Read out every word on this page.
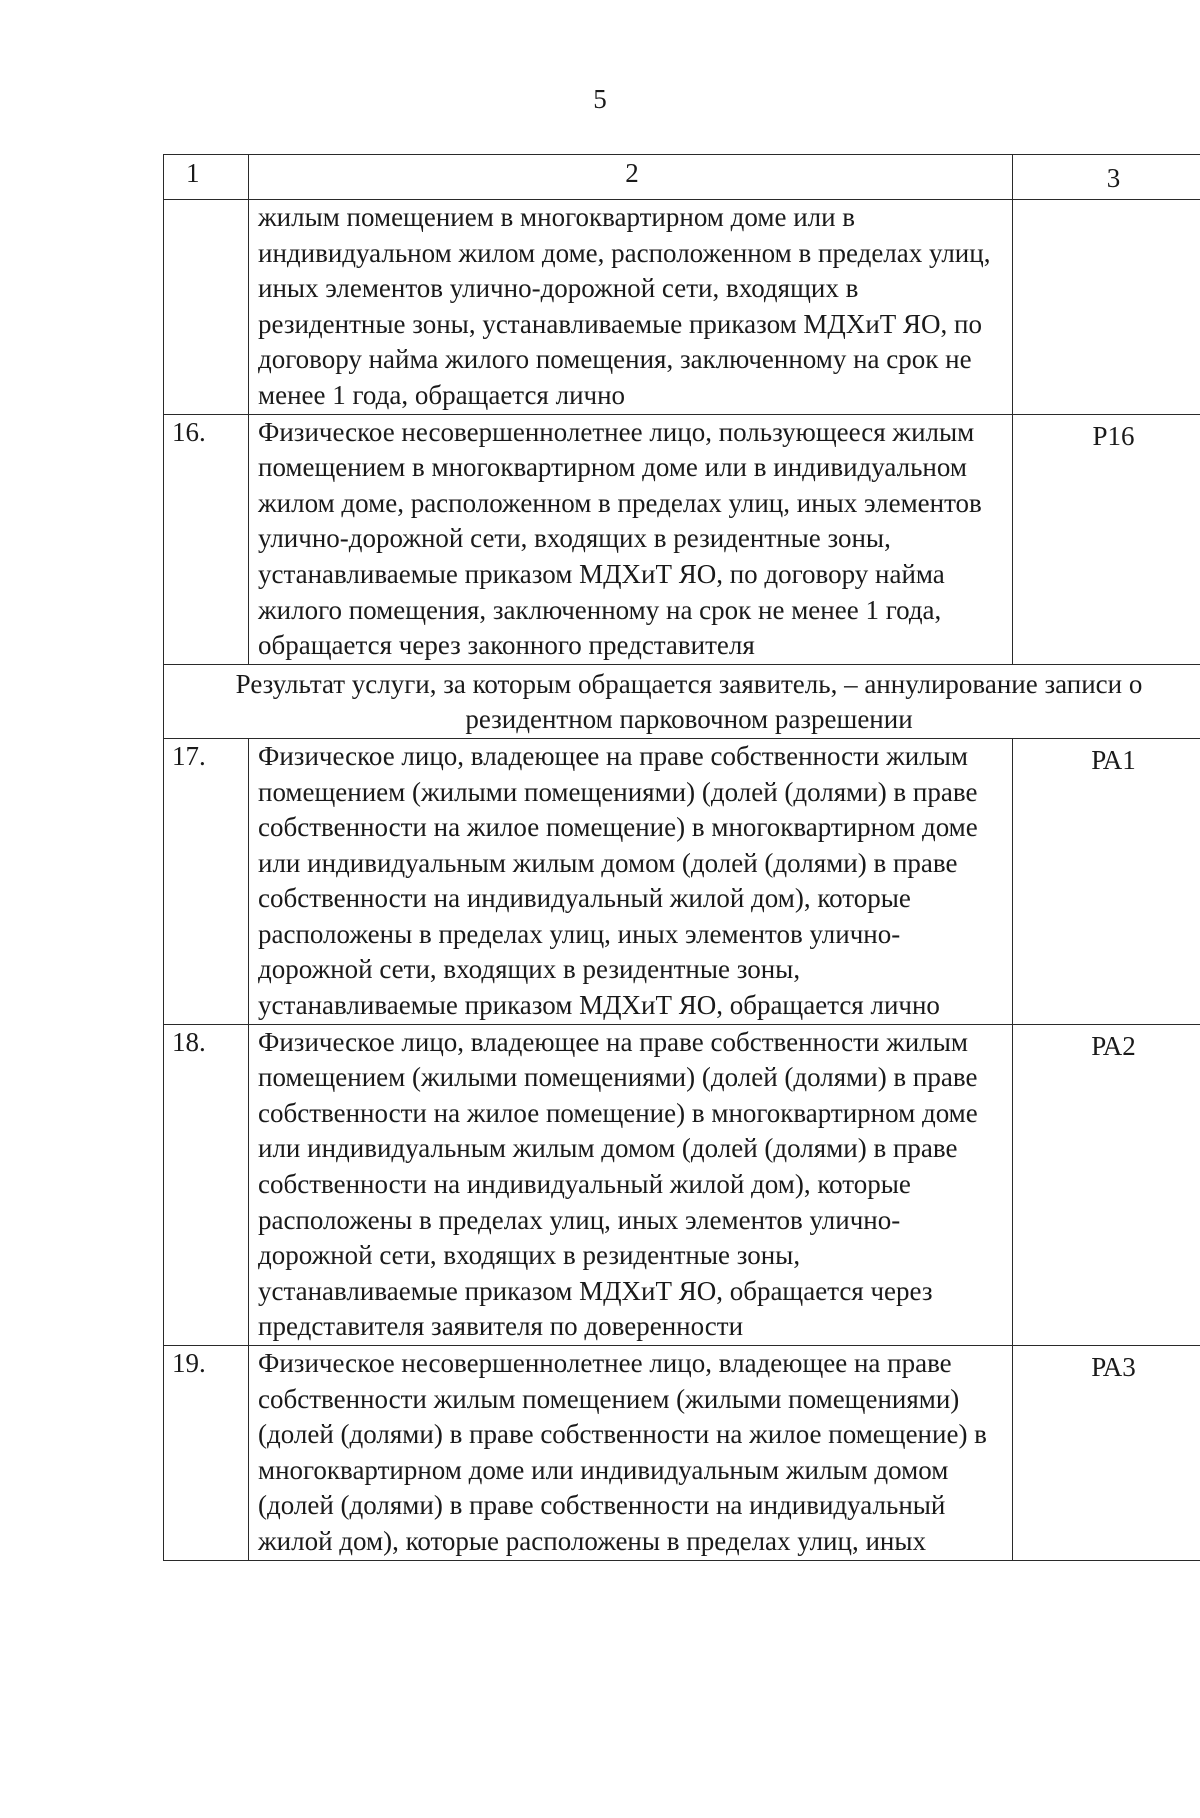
5
1	2	3

	жилым помещением в многоквартирном доме или в индивидуальном жилом доме, расположенном в пределах улиц, иных элементов улично-дорожной сети, входящих в резидентные зоны, устанавливаемые приказом МДХиТ ЯО, по договору найма жилого помещения, заключенному на срок не менее 1 года, обращается лично	

16.	Физическое несовершеннолетнее лицо, пользующееся жилым помещением в многоквартирном доме или в индивидуальном жилом доме, расположенном в пределах улиц, иных элементов улично-дорожной сети, входящих в резидентные зоны, устанавливаемые приказом МДХиТ ЯО, по договору найма жилого помещения, заключенному на срок не менее 1 года, обращается через законного представителя	Р16

Результат услуги, за которым обращается заявитель, – аннулирование записи о резидентном парковочном разрешении		
17.	Физическое лицо, владеющее на праве собственности жилым помещением (жилыми помещениями) (долей (долями) в праве собственности на жилое помещение) в многоквартирном доме или индивидуальным жилым домом (долей (долями) в праве собственности на индивидуальный жилой дом), которые расположены в пределах улиц, иных элементов улично-дорожной сети, входящих в резидентные зоны, устанавливаемые приказом МДХиТ ЯО, обращается лично	РА1

18.	Физическое лицо, владеющее на праве собственности жилым помещением (жилыми помещениями) (долей (долями) в праве собственности на жилое помещение) в многоквартирном доме или индивидуальным жилым домом (долей (долями) в праве собственности на индивидуальный жилой дом), которые расположены в пределах улиц, иных элементов улично-дорожной сети, входящих в резидентные зоны, устанавливаемые приказом МДХиТ ЯО, обращается через представителя заявителя по доверенности	РА2

19.	Физическое несовершеннолетнее лицо, владеющее на праве собственности жилым помещением (жилыми помещениями) (долей (долями) в праве собственности на жилое помещение) в многоквартирном доме или индивидуальным жилым домом (долей (долями) в праве собственности на индивидуальный жилой дом), которые расположены в пределах улиц, иных	РА3
